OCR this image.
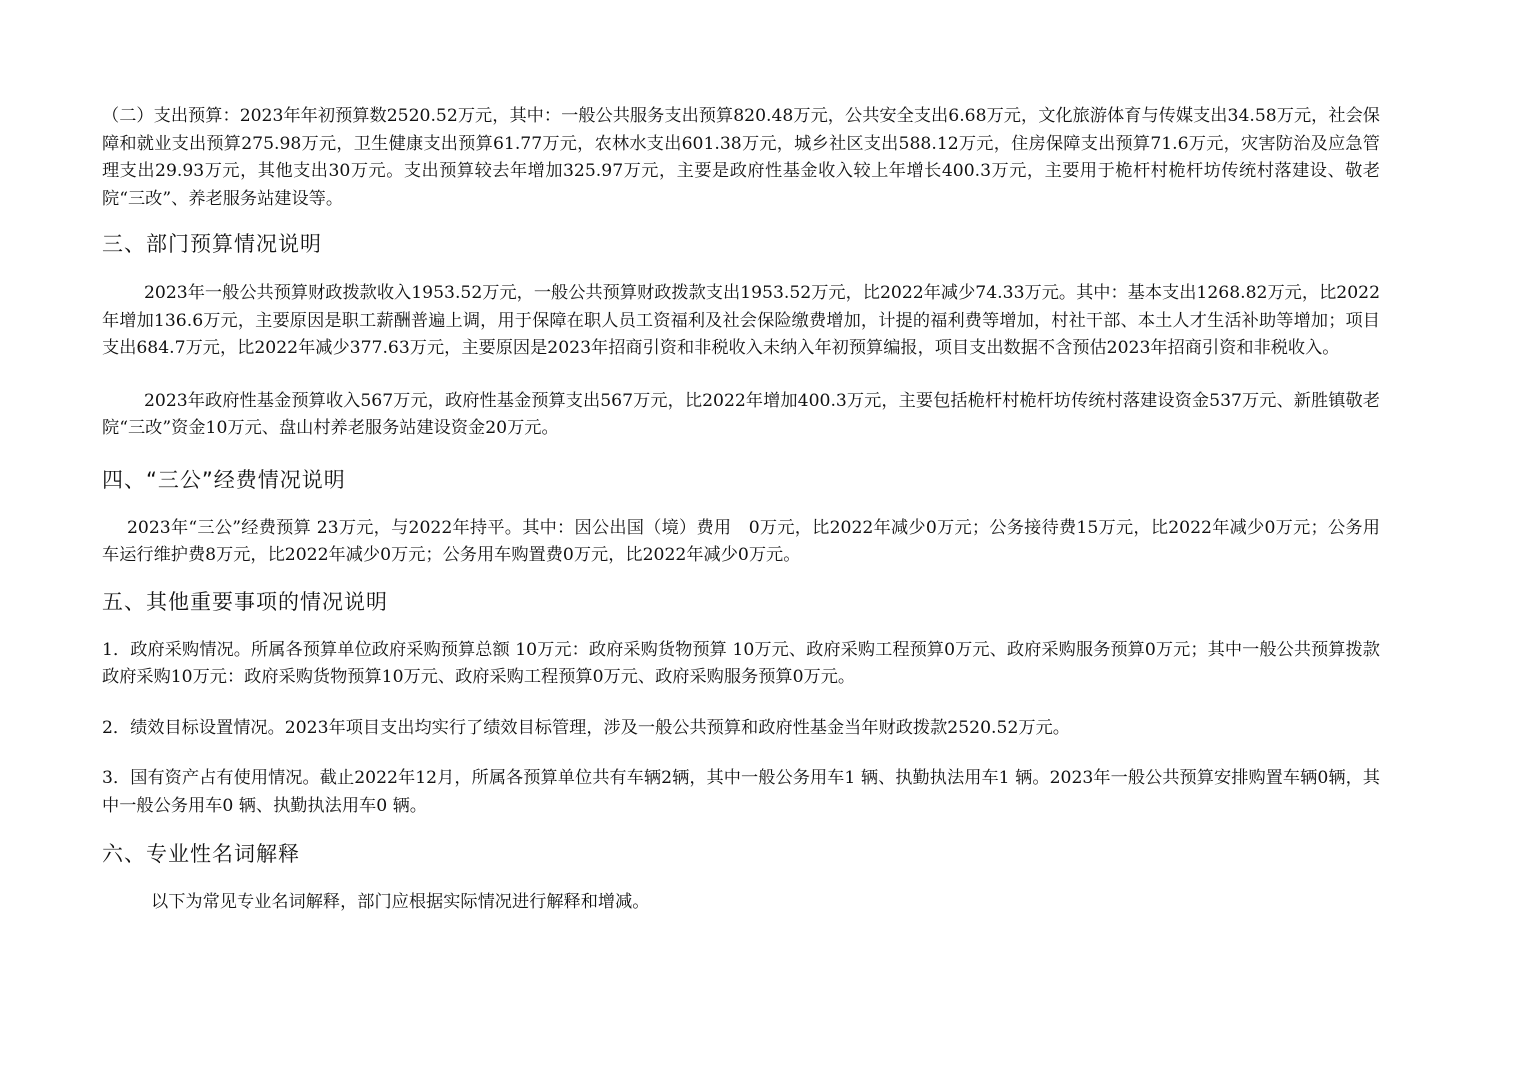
（二）支出预算：2023年年初预算数2520.52万元，其中：一般公共服务支出预算820.48万元，公共安全支出6.68万元，文化旅游体育与传媒支出34.58万元，社会保障和就业支出预算275.98万元，卫生健康支出预算61.77万元，农林水支出601.38万元，城乡社区支出588.12万元，住房保障支出预算71.6万元，灾害防治及应急管理支出29.93万元，其他支出30万元。支出预算较去年增加325.97万元，主要是政府性基金收入较上年增长400.3万元，主要用于桅杆村桅杆坊传统村落建设、敬老院“三改”、养老服务站建设等。

三、部门预算情况说明

2023年一般公共预算财政拨款收入1953.52万元，一般公共预算财政拨款支出1953.52万元，比2022年减少74.33万元。其中：基本支出1268.82万元，比2022年增加136.6万元，主要原因是职工薪酬普遍上调，用于保障在职人员工资福利及社会保险缴费增加，计提的福利费等增加，村社干部、本土人才生活补助等增加；项目支出684.7万元，比2022年减少377.63万元，主要原因是2023年招商引资和非税收入未纳入年初预算编报，项目支出数据不含预估2023年招商引资和非税收入。

2023年政府性基金预算收入567万元，政府性基金预算支出567万元，比2022年增加400.3万元，主要包括桅杆村桅杆坊传统村落建设资金537万元、新胜镇敬老院“三改”资金10万元、盘山村养老服务站建设资金20万元。

四、“三公”经费情况说明

2023年“三公”经费预算 23万元，与2022年持平。其中：因公出国（境）费用　0万元，比2022年减少0万元；公务接待费15万元，比2022年减少0万元；公务用车运行维护费8万元，比2022年减少0万元；公务用车购置费0万元，比2022年减少0万元。

五、其他重要事项的情况说明

1．政府采购情况。所属各预算单位政府采购预算总额 10万元：政府采购货物预算 10万元、政府采购工程预算0万元、政府采购服务预算0万元；其中一般公共预算拨款政府采购10万元：政府采购货物预算10万元、政府采购工程预算0万元、政府采购服务预算0万元。

2．绩效目标设置情况。2023年项目支出均实行了绩效目标管理，涉及一般公共预算和政府性基金当年财政拨款2520.52万元。

3．国有资产占有使用情况。截止2022年12月，所属各预算单位共有车辆2辆，其中一般公务用车1 辆、执勤执法用车1 辆。2023年一般公共预算安排购置车辆0辆，其中一般公务用车0 辆、执勤执法用车0 辆。

六、专业性名词解释

以下为常见专业名词解释，部门应根据实际情况进行解释和增减。
